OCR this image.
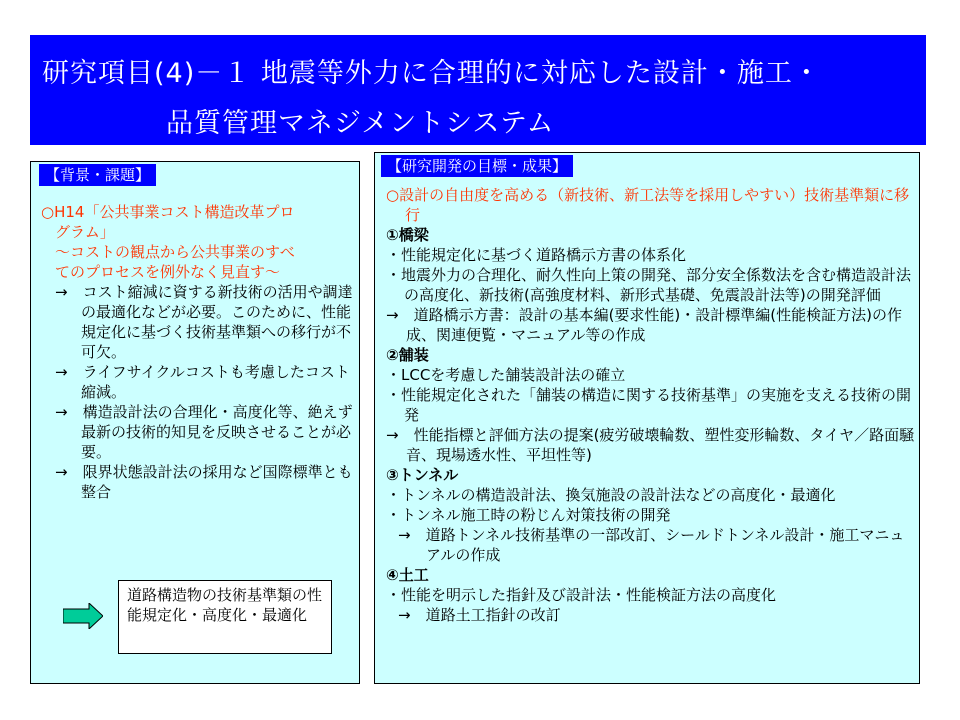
研究項目(4)－１ 地震等外力に合理的に対応した設計・施工・
品質管理マネジメントシステム
【背景・課題】
○H14「公共事業コスト構造改革プロ
グラム」
～コストの観点から公共事業のすべ
てのプロセスを例外なく見直す～
→　コスト縮減に資する新技術の活用や調達の最適化などが必要。このために、性能規定化に基づく技術基準類への移行が不可欠。
→　ライフサイクルコストも考慮したコスト縮減。
→　構造設計法の合理化・高度化等、絶えず最新の技術的知見を反映させることが必要。
→　限界状態設計法の採用など国際標準とも整合
道路構造物の技術基準類の性能規定化・高度化・最適化
【研究開発の目標・成果】
○設計の自由度を高める（新技術、新工法等を採用しやすい）技術基準類に移行
①橋梁
・性能規定化に基づく道路橋示方書の体系化
・地震外力の合理化、耐久性向上策の開発、部分安全係数法を含む構造設計法の高度化、新技術(高強度材料、新形式基礎、免震設計法等)の開発評価
→　道路橋示方書：設計の基本編(要求性能)・設計標準編(性能検証方法)の作成、関連便覧・マニュアル等の作成
②舗装
・LCCを考慮した舗装設計法の確立
・性能規定化された「舗装の構造に関する技術基準」の実施を支える技術の開発
→　性能指標と評価方法の提案(疲労破壊輪数、塑性変形輪数、タイヤ／路面騒音、現場透水性、平坦性等)
③トンネル
・トンネルの構造設計法、換気施設の設計法などの高度化・最適化
・トンネル施工時の粉じん対策技術の開発
→　道路トンネル技術基準の一部改訂、シールドトンネル設計・施工マニュアルの作成
④土工
・性能を明示した指針及び設計法・性能検証方法の高度化
→　道路土工指針の改訂
